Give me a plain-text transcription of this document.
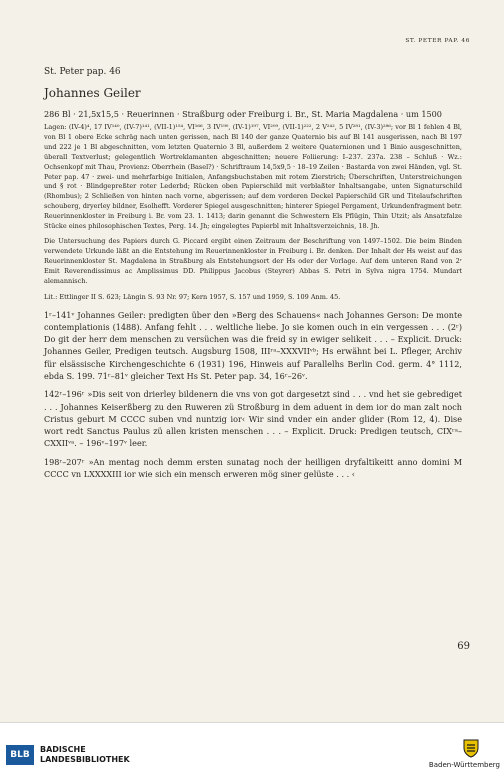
ST. PETER PAP. 46

St. Peter pap. 46

Johannes Geiler

286 Bl · 21,5x15,5 · Reuerinnen · Straßburg oder Freiburg i. Br., St. Maria Magdalena · um 1500

Lagen: (IV-4)⁴, 17 IV¹⁴⁰, (IV-7)¹⁴¹, (VII-1)¹⁵⁴, VI¹⁶⁶, 3 IV¹⁹⁰, (IV-1)¹⁹⁷, VI²⁰⁹, (VII-1)²²², 2 V²⁴², 5 IV²⁸¹, (IV-3)²⁸⁶; vor Bl 1 fehlen 4 Bl, von Bl 1 obere Ecke schräg nach unten gerissen, nach Bl 140 der ganze Quaternio bis auf Bl 141 ausgerissen, nach Bl 197 und 222 je 1 Bl abgeschnitten, vom letzten Quaternio 3 Bl, außerdem 2 weitere Quaternionen und 1 Binio ausgeschnitten, überall Textverlust; gelegentlich Wortreklamanten abgeschnitten; neuere Foliierung: I–237. 237a. 238 – Schluß · Wz.: Ochsenkopf mit Thau, Provienz: Oberrhein (Basel?) · Schriftraum 14,5x9,5 · 18–19 Zeilen · Bastarda von zwei Händen, vgl. St. Peter pap. 47 · zwei- und mehrfarbige Initialen, Anfangsbuchstaben mit rotem Zierstrich; Überschriften, Unterstreichungen und § rot · Blindgepreßter roter Lederbd; Rücken oben Papierschild mit verblaßter Inhaltsangabe, unten Signaturschild (Rhombus); 2 Schließen von hinten nach vorne, abgerissen; auf dem vorderen Deckel Papierschild GR und Titelaufschriften schouberg, dryerley bildner, Esolhefft. Vorderer Spiegel ausgeschnitten; hinterer Spiegel Pergament, Urkundenfragment betr. Reuerinnenkloster in Freiburg i. Br. vom 23. 1. 1413; darin genannt die Schwestern Els Pflügin, Thin Utzit; als Ansatzfalze Stücke eines philosophischen Textes, Perg. 14. Jh; eingelegtes Papierbl mit Inhaltsverzeichnis, 18. Jh.

Die Untersuchung des Papiers durch G. Piccard ergibt einen Zeitraum der Beschriftung von 1497–1502. Die beim Binden verwendete Urkunde läßt an die Entstehung im Reuerinnenkloster in Freiburg i. Br. denken. Der Inhalt der Hs weist auf das Reuerinnenkloster St. Magdalena in Straßburg als Entstehungsort der Hs oder der Vorlage. Auf dem unteren Rand von 2ʳ Emit Reverendissimus ac Amplissimus DD. Philippus Jacobus (Steyrer) Abbas S. Petri in Sylva nigra 1754. Mundart alemannisch.

Lit.: Ettlinger II S. 623; Längin S. 93 Nr. 97; Kern 1957, S. 157 und 1959, S. 109 Anm. 45.

1ʳ–141ᵛ Johannes Geiler: predigten über den »Berg des Schauens« nach Johannes Gerson: De monte contemplationis (1488). Anfang fehlt . . . weltliche liebe. Jo sie komen ouch in ein vergessen . . . (2ʳ) Do git der herr dem menschen zu versüchen was die freid sy in ewiger selikeit . . . – Explicit. Druck: Johannes Geiler, Predigen teutsch. Augsburg 1508, IIIʳᵃ–XXXVIIᵛᵇ; Hs erwähnt bei L. Pfleger, Archiv für elsässische Kirchengeschichte 6 (1931) 196, Hinweis auf Parallelhs Berlin Cod. germ. 4° 1112, ebda S. 199. 71ʳ–81ᵛ gleicher Text Hs St. Peter pap. 34, 16ʳ–26ᵛ.

142ʳ–196ʳ »Dis seit von drierley bildenern die vns von got dargesetzt sind . . . vnd het sie gebrediget . . . Johannes Keiserßberg zu den Ruweren zü Stroßburg in dem aduent in dem ior do man zalt noch Cristus geburt M CCCC suben vnd nuntzig ior‹ Wir sind vnder ein ander glider (Rom 12, 4). Dise wort redt Sanctus Paulus zü allen kristen menschen . . . – Explicit. Druck: Predigen teutsch, CIXʳᵃ–CXXIIᵛᵃ. – 196ᵛ–197ᵛ leer.

198ʳ–207ʳ »An mentag noch demm ersten sunatag noch der heilligen dryfaltikeitt anno domini M CCCC vn LXXXXIII ior wie sich ein mensch erweren mög siner gelüste . . . ‹

69
BLB
BADISCHE
LANDESBIBLIOTHEK
Baden-Württemberg
